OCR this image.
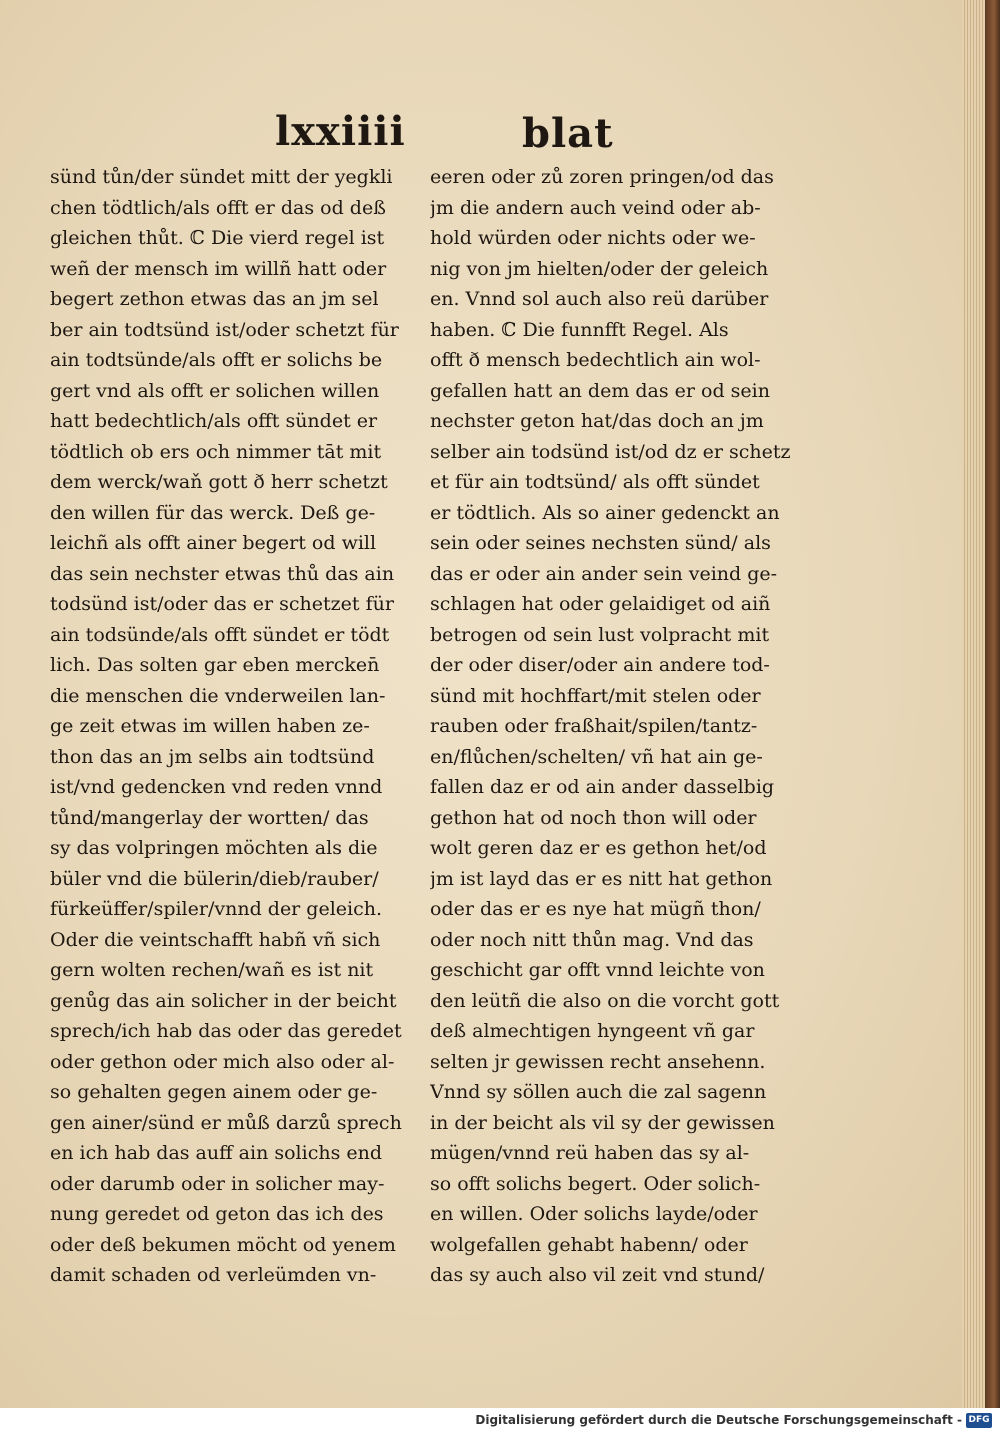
lxxiiii	blat
sünd tůn/der sündet mitt der yegkli
chen tödtlich/als offt er das od deß
gleichen thůt. ℂ Die vierd regel ist
weñ der mensch im willñ hatt oder
begert zethon etwas das an jm sel
ber ain todtsünd ist/oder schetzt für
ain todtsünde/als offt er solichs be
gert vnd als offt er solichen willen
hatt bedechtlich/als offt sündet er
tödtlich ob ers och nimmer tāt mit
dem werck/waň gott ð herr schetzt
den willen für das werck. Deß ge-
leichñ als offt ainer begert od will
das sein nechster etwas thů das ain
todsünd ist/oder das er schetzet für
ain todsünde/als offt sündet er tödt
lich. Das solten gar eben mercken̄
die menschen die vnderweilen lan-
ge zeit etwas im willen haben ze-
thon das an jm selbs ain todtsünd
ist/vnd gedencken vnd reden vnnd
tůnd/mangerlay der wortten/ das
sy das volpringen möchten als die
büler vnd die bülerin/dieb/rauber/
fürkeüffer/spiler/vnnd der geleich.
Oder die veintschafft habñ vñ sich
gern wolten rechen/wañ es ist nit
genůg das ain solicher in der beicht
sprech/ich hab das oder das geredet
oder gethon oder mich also oder al-
so gehalten gegen ainem oder ge-
gen ainer/sünd er můß darzů sprech
en ich hab das auff ain solichs end
oder darumb oder in solicher may-
nung geredet od geton das ich des
oder deß bekumen möcht od yenem
damit schaden od verleümden vn-
eeren oder zů zoren pringen/od das
jm die andern auch veind oder ab-
hold würden oder nichts oder we-
nig von jm hielten/oder der geleich
en. Vnnd sol auch also reü darüber
haben. ℂ Die funnfft Regel. Als
offt ð mensch bedechtlich ain wol-
gefallen hatt an dem das er od sein
nechster geton hat/das doch an jm
selber ain todsünd ist/od dz er schetz
et für ain todtsünd/ als offt sündet
er tödtlich. Als so ainer gedenckt an
sein oder seines nechsten sünd/ als
das er oder ain ander sein veind ge-
schlagen hat oder gelaidiget od aiñ
betrogen od sein lust volpracht mit
der oder diser/oder ain andere tod-
sünd mit hochffart/mit stelen oder
rauben oder fraßhait/spilen/tantz-
en/flůchen/schelten/ vñ hat ain ge-
fallen daz er od ain ander dasselbig
gethon hat od noch thon will oder
wolt geren daz er es gethon het/od
jm ist layd das er es nitt hat gethon
oder das er es nye hat mügñ thon/
oder noch nitt thůn mag. Vnd das
geschicht gar offt vnnd leichte von
den leütñ die also on die vorcht gott
deß almechtigen hyngeent vñ gar
selten jr gewissen recht ansehenn.
Vnnd sy söllen auch die zal sagenn
in der beicht als vil sy der gewissen
mügen/vnnd reü haben das sy al-
so offt solichs begert. Oder solich-
en willen. Oder solichs layde/oder
wolgefallen gehabt habenn/ oder
das sy auch also vil zeit vnd stund/
Digitalisierung gefördert durch die Deutsche Forschungsgemeinschaft - DFG
